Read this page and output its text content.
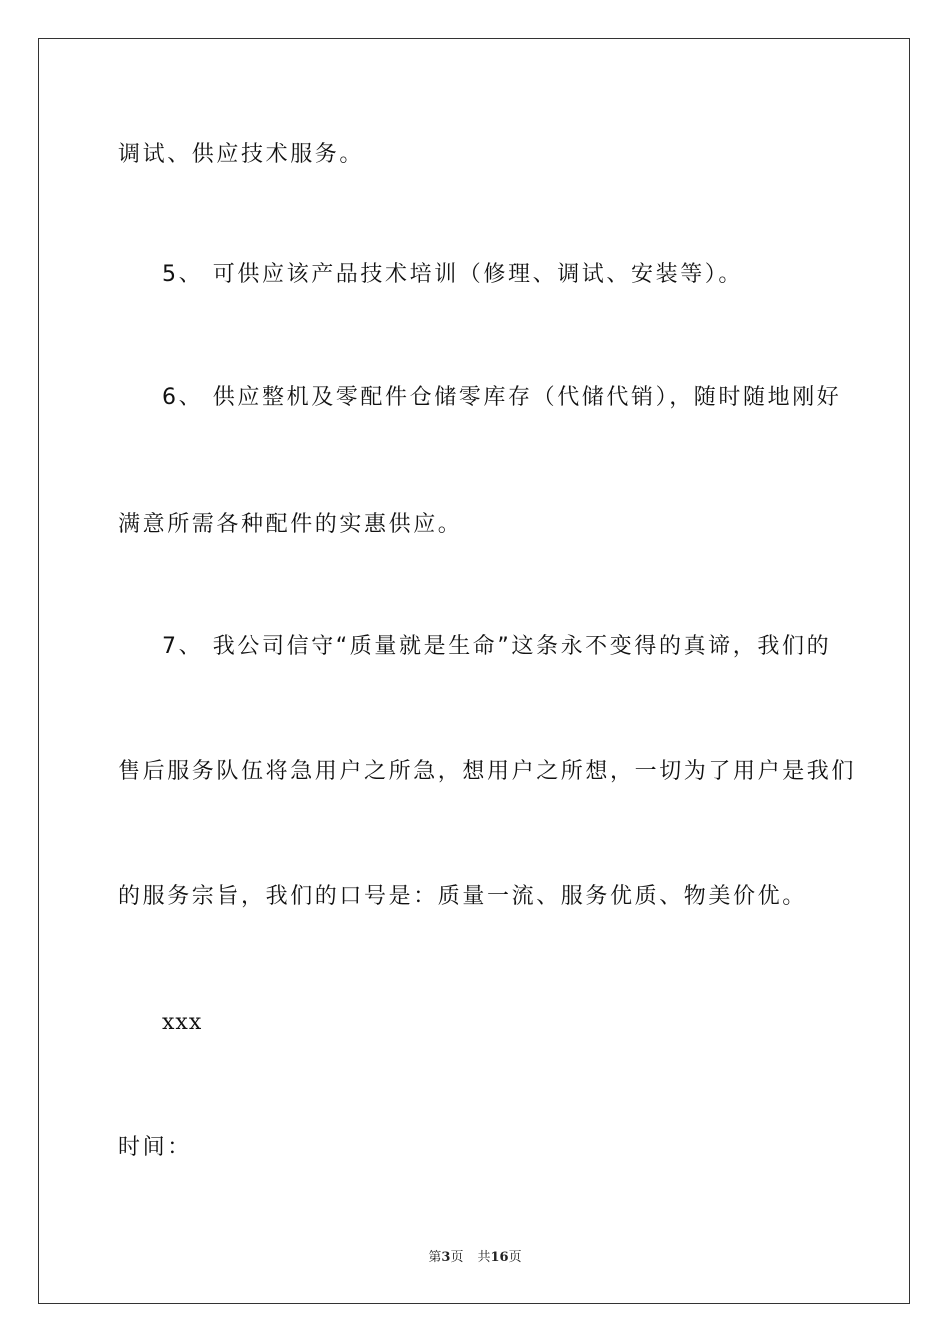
调试、供应技术服务。
5、 可供应该产品技术培训（修理、调试、安装等）。
6、 供应整机及零配件仓储零库存（代储代销），随时随地刚好
满意所需各种配件的实惠供应。
7、 我公司信守“质量就是生命”这条永不变得的真谛，我们的
售后服务队伍将急用户之所急，想用户之所想，一切为了用户是我们
的服务宗旨，我们的口号是：质量一流、服务优质、物美价优。
xxx
时间：
第3页 共16页
